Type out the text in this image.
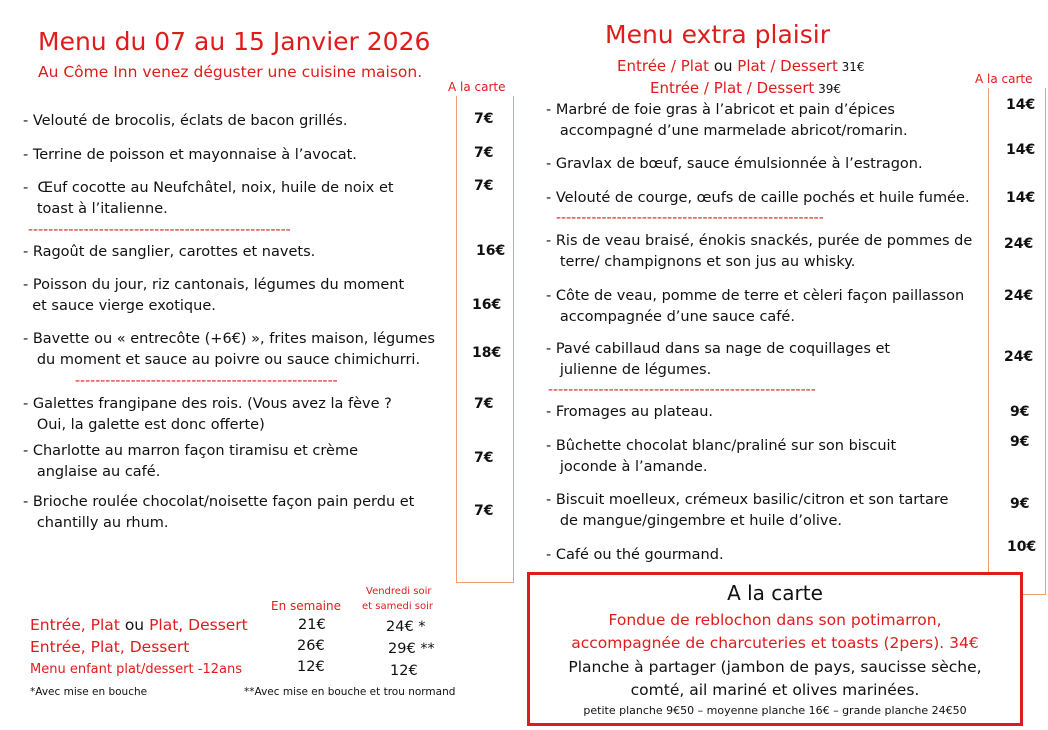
Menu du 07 au 15 Janvier 2026
Au Côme Inn venez déguster une cuisine maison.
A la carte
- Velouté de brocolis, éclats de bacon grillés.	7€
- Terrine de poisson et mayonnaise à l’avocat.	7€
-  Œuf cocotte au Neufchâtel, noix, huile de noix et
toast à l’italienne.
7€
----------------------------------------------------
- Ragoût de sanglier, carottes et navets.	16€
- Poisson du jour, riz cantonais, légumes du moment
et sauce vierge exotique.	16€
- Bavette ou « entrecôte (+6€) », frites maison, légumes
du moment et sauce au poivre ou sauce chimichurri.	18€
----------------------------------------------------
- Galettes frangipane des rois. (Vous avez la fève ?
Oui, la galette est donc offerte)
7€
- Charlotte au marron façon tiramisu et crème
anglaise au café.
7€
- Brioche roulée chocolat/noisette façon pain perdu et
chantilly au rhum.
7€
En semaine
Vendredi soir
et samedi soir
Entrée, Plat ou Plat, Dessert	21€	24€ *
Entrée, Plat, Dessert	26€	29€ **
Menu enfant plat/dessert -12ans	12€	12€
*Avec mise en bouche	**Avec mise en bouche et trou normand
Menu extra plaisir
Entrée / Plat ou Plat / Dessert 31€
Entrée / Plat / Dessert 39€
A la carte
- Marbré de foie gras à l’abricot et pain d’épices
accompagné d’une marmelade abricot/romarin.
14€
- Gravlax de bœuf, sauce émulsionnée à l’estragon.
14€
- Velouté de courge, œufs de caille pochés et huile fumée.	14€
-----------------------------------------------------
- Ris de veau braisé, énokis snackés, purée de pommes de
terre/ champignons et son jus au whisky.
24€
- Côte de veau, pomme de terre et cèleri façon paillasson
accompagnée d’une sauce café.
24€
- Pavé cabillaud dans sa nage de coquillages et
julienne de légumes.
24€
-----------------------------------------------------
- Fromages au plateau.	9€
- Bûchette chocolat blanc/praliné sur son biscuit
joconde à l’amande.
9€
- Biscuit moelleux, crémeux basilic/citron et son tartare
de mangue/gingembre et huile d’olive.
9€
- Café ou thé gourmand.	10€
A la carte
Fondue de reblochon dans son potimarron,
accompagnée de charcuteries et toasts (2pers). 34€
Planche à partager (jambon de pays, saucisse sèche,
comté, ail mariné et olives marinées.
petite planche 9€50 – moyenne planche 16€ – grande planche 24€50
